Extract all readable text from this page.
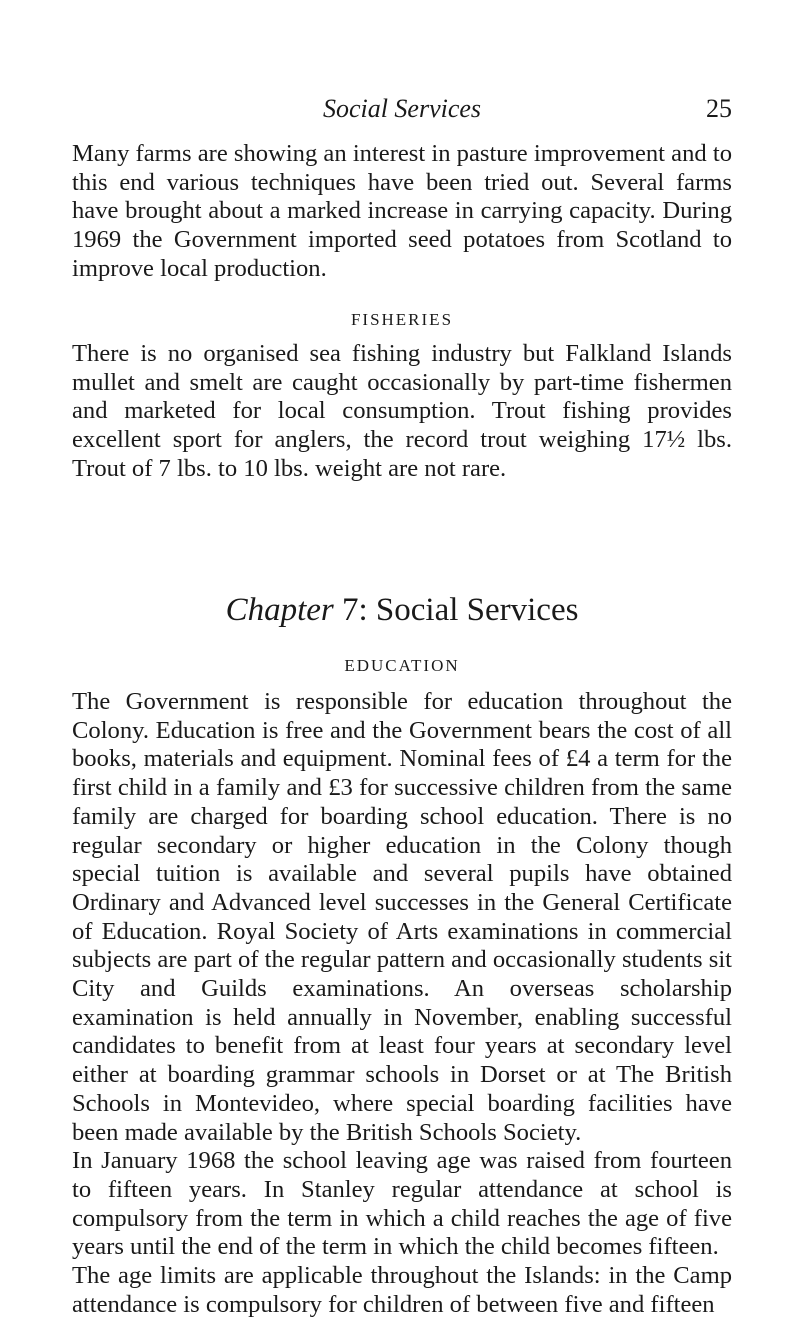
Social Services	25

Many farms are showing an interest in pasture improvement and to this end various techniques have been tried out. Several farms have brought about a marked increase in carrying capacity. During 1969 the Government imported seed potatoes from Scotland to improve local production.

FISHERIES

There is no organised sea fishing industry but Falkland Islands mullet and smelt are caught occasionally by part-time fishermen and marketed for local consumption. Trout fishing provides excellent sport for anglers, the record trout weighing 17½ lbs. Trout of 7 lbs. to 10 lbs. weight are not rare.

Chapter 7: Social Services
EDUCATION

The Government is responsible for education throughout the Colony. Education is free and the Government bears the cost of all books, materials and equipment. Nominal fees of £4 a term for the first child in a family and £3 for successive children from the same family are charged for boarding school education. There is no regular secondary or higher education in the Colony though special tuition is available and several pupils have obtained Ordinary and Advanced level successes in the General Certificate of Education. Royal Society of Arts examinations in commercial subjects are part of the regular pattern and occasionally students sit City and Guilds examinations. An overseas scholarship examination is held annually in November, enabling successful candidates to benefit from at least four years at secondary level either at boarding grammar schools in Dorset or at The British Schools in Montevideo, where special boarding facilities have been made available by the British Schools Society.

In January 1968 the school leaving age was raised from fourteen to fifteen years. In Stanley regular attendance at school is compulsory from the term in which a child reaches the age of five years until the end of the term in which the child becomes fifteen.

The age limits are applicable throughout the Islands: in the Camp attendance is compulsory for children of between five and fifteen
